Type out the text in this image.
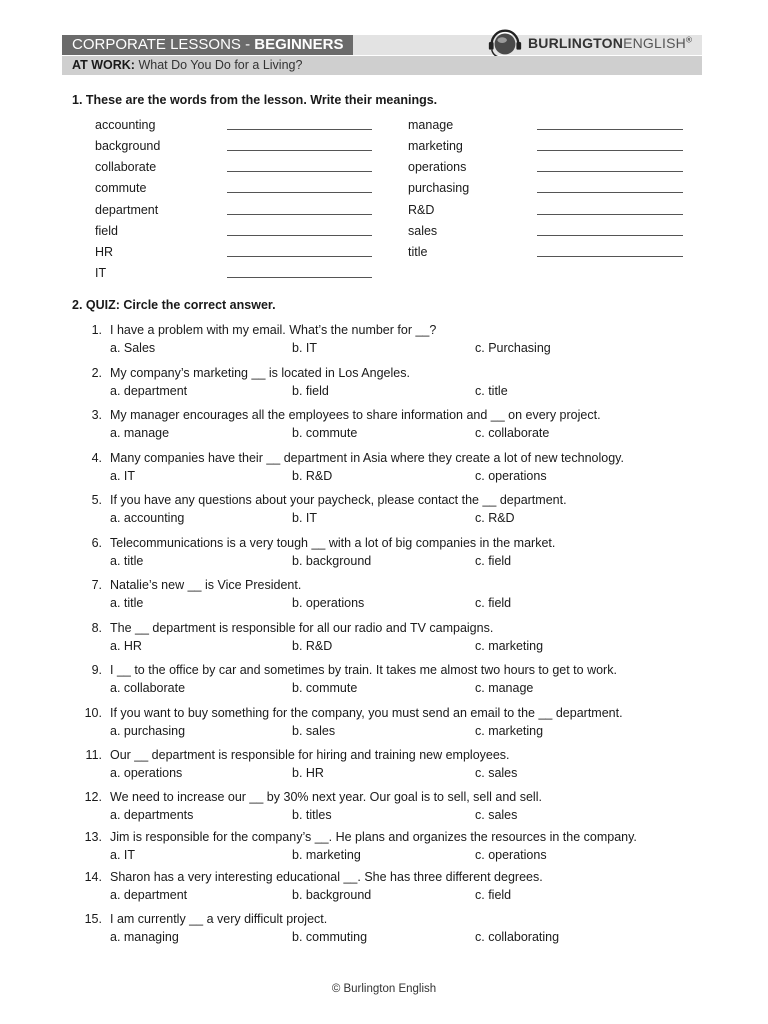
CORPORATE LESSONS - BEGINNERS	BURLINGTONENGLISH®
AT WORK: What Do You Do for a Living?
1. These are the words from the lesson. Write their meanings.
accounting
background
collaborate
commute
department
field
HR
IT
manage
marketing
operations
purchasing
R&D
sales
title
2. QUIZ: Circle the correct answer.
1. I have a problem with my email. What’s the number for __?
a. Sales	b. IT	c. Purchasing
2. My company’s marketing __ is located in Los Angeles.
a. department	b. field	c. title
3. My manager encourages all the employees to share information and __ on every project.
a. manage	b. commute	c. collaborate
4. Many companies have their __ department in Asia where they create a lot of new technology.
a. IT	b. R&D	c. operations
5. If you have any questions about your paycheck, please contact the __ department.
a. accounting	b. IT	c. R&D
6. Telecommunications is a very tough __ with a lot of big companies in the market.
a. title	b. background	c. field
7. Natalie’s new __ is Vice President.
a. title	b. operations	c. field
8. The __ department is responsible for all our radio and TV campaigns.
a. HR	b. R&D	c. marketing
9. I __ to the office by car and sometimes by train. It takes me almost two hours to get to work.
a. collaborate	b. commute	c. manage
10. If you want to buy something for the company, you must send an email to the __ department.
a. purchasing	b. sales	c. marketing
11. Our __ department is responsible for hiring and training new employees.
a. operations	b. HR	c. sales
12. We need to increase our __ by 30% next year. Our goal is to sell, sell and sell.
a. departments	b. titles	c. sales
13. Jim is responsible for the company’s __. He plans and organizes the resources in the company.
a. IT	b. marketing	c. operations
14. Sharon has a very interesting educational __. She has three different degrees.
a. department	b. background	c. field
15. I am currently __ a very difficult project.
a. managing	b. commuting	c. collaborating
© Burlington English
